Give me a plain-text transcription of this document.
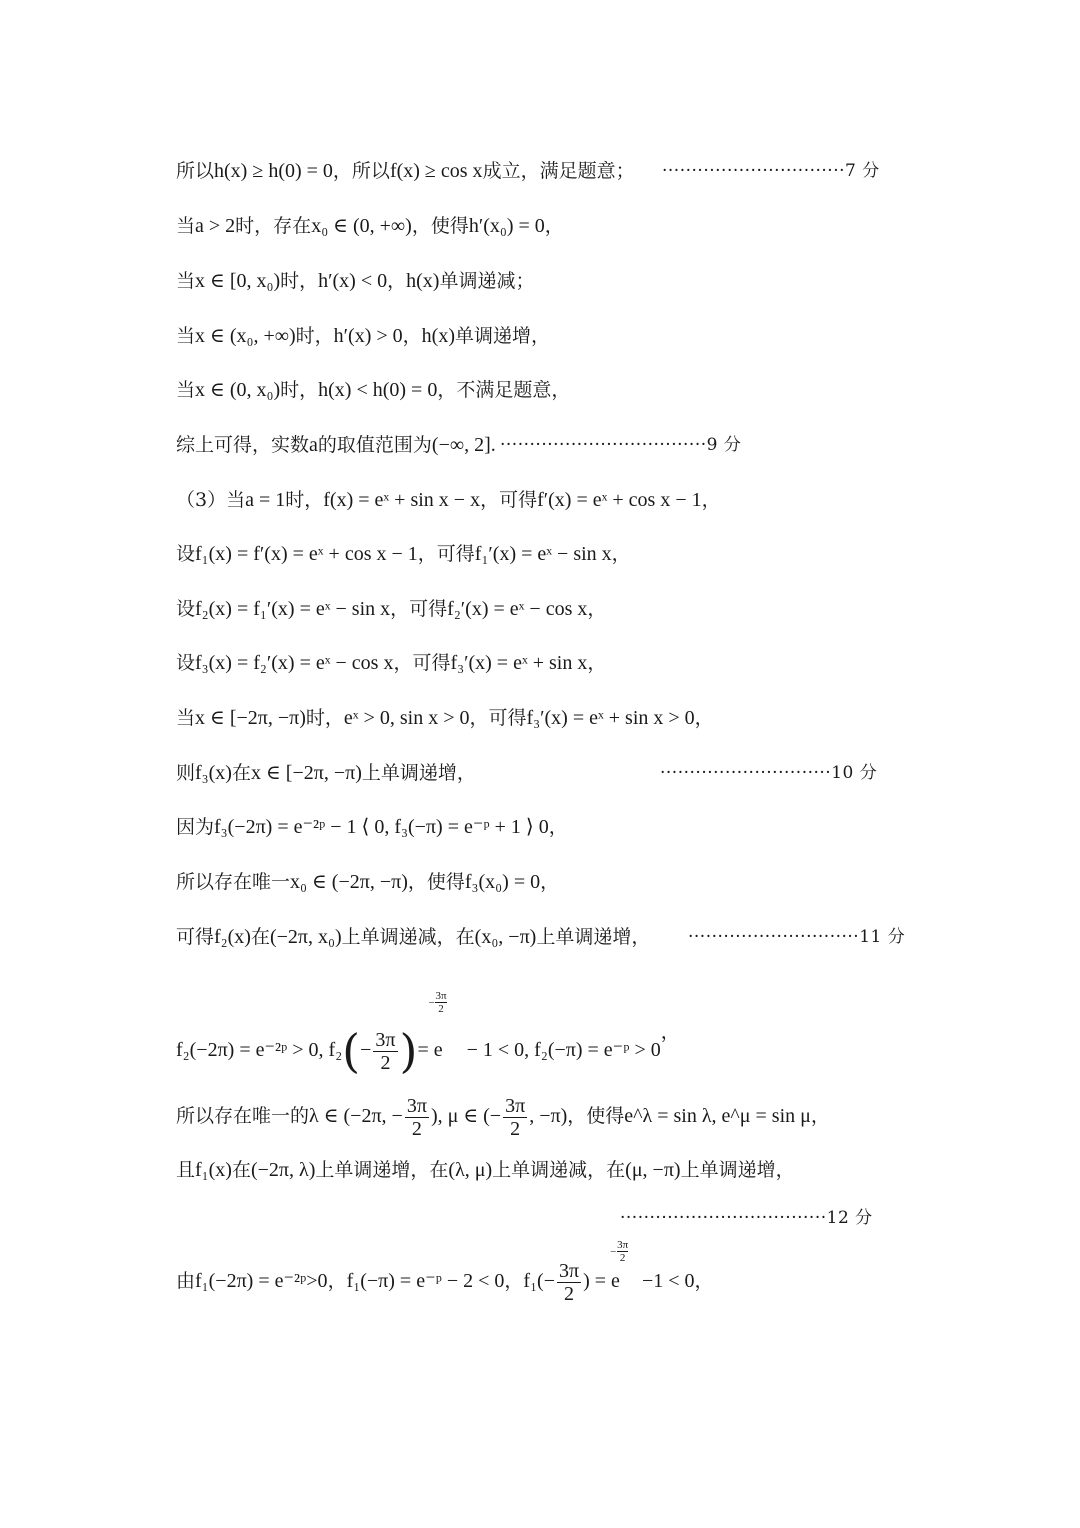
所以h(x) ≥ h(0) = 0，所以f(x) ≥ cos x成立，满足题意； ·······························7 分
当a > 2时，存在x₀ ∈ (0, +∞)，使得h′(x₀) = 0，
当x ∈ [0, x₀)时，h′(x) < 0，h(x)单调递减；
当x ∈ (x₀, +∞)时，h′(x) > 0，h(x)单调递增，
当x ∈ (0, x₀)时，h(x) < h(0) = 0，不满足题意，
综上可得，实数a的取值范围为(−∞, 2]. ···································9 分
（3）当a = 1时，f(x) = eˣ + sin x − x，可得f′(x) = eˣ + cos x − 1，
设f₁(x) = f′(x) = eˣ + cos x − 1，可得f₁′(x) = eˣ − sin x，
设f₂(x) = f₁′(x) = eˣ − sin x，可得f₂′(x) = eˣ − cos x，
设f₃(x) = f₂′(x) = eˣ − cos x，可得f₃′(x) = eˣ + sin x，
当x ∈ [−2π, −π)时，eˣ > 0, sin x > 0，可得f₃′(x) = eˣ + sin x > 0，
则f₃(x)在x ∈ [−2π, −π)上单调递增，	·····························10 分
因为f₃(−2π) = e⁻²ᵖ − 1 ⟨ 0, f₃(−π) = e⁻ᵖ + 1 ⟩ 0，
所以存在唯一x₀ ∈ (−2π, −π)，使得f₃(x₀) = 0，
可得f₂(x)在(−2π, x₀)上单调递减，在(x₀, −π)上单调递增， ·····························11 分
f₂(−2π) = e⁻²ᵖ > 0, $f_2(- \frac{3\pi}{2}$ )= e
−
3π
2
− 1 < 0, f₂(−π) = e⁻ᵖ > 0，
所以存在唯一的λ ∈ (−2π, − $\frac{3\pi}{2}$ ), μ ∈ (− $\frac{3\pi}{2}$ , −π)，使得e^λ = sin λ, e^μ = sin μ，
且f₁(x)在(−2π, λ)上单调递增，在(λ, μ)上单调递减，在(μ, −π)上单调递增，
···································12 分
由f₁(−2π) = e⁻²ᵖ>0，f₁(−π) = e⁻ᵖ − 2 < 0，$f_1(- \frac{3\pi}{2}$ ) = e
−
3π
2
−1 < 0，
